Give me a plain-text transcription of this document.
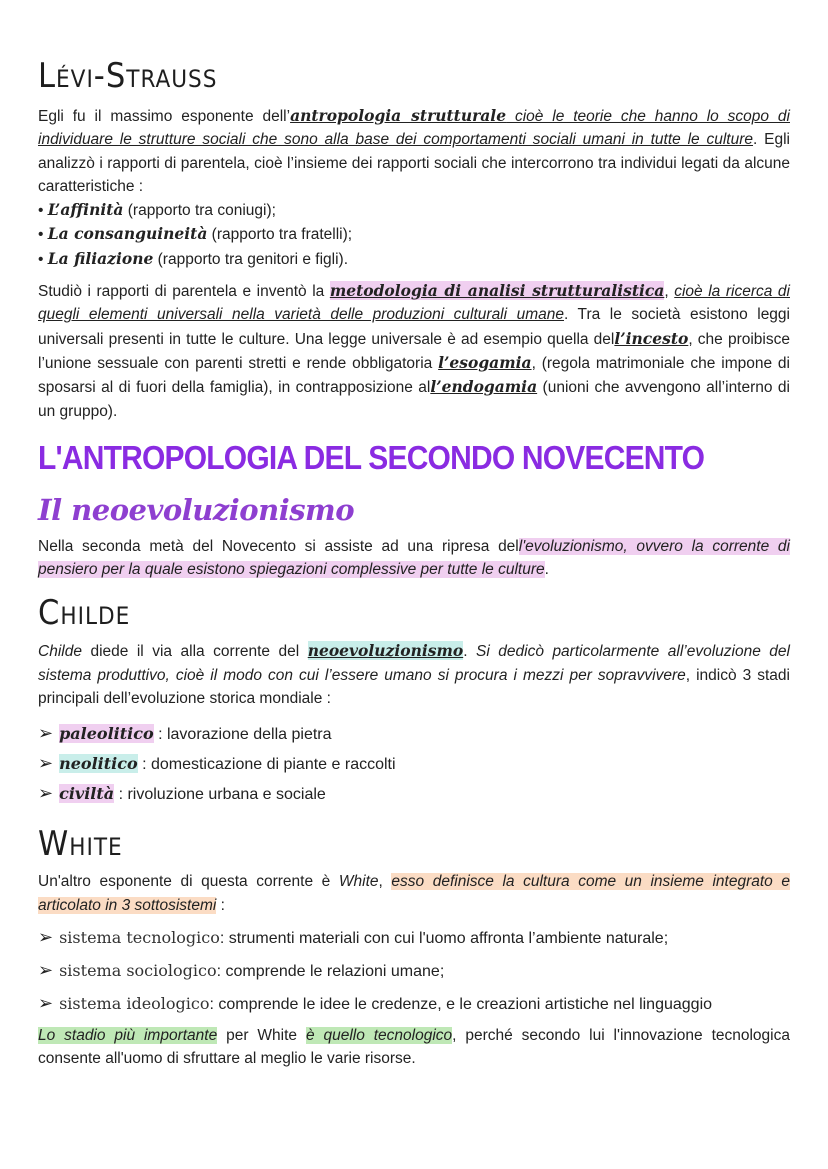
Lévi-Strauss

Egli fu il massimo esponente dell’antropologia strutturale cioè le teorie che hanno lo scopo di individuare le strutture sociali che sono alla base dei comportamenti sociali umani in tutte le culture. Egli analizzò i rapporti di parentela, cioè l’insieme dei rapporti sociali che intercorrono tra individui legati da alcune caratteristiche :

• L’affinità (rapporto tra coniugi);
• La consanguineità (rapporto tra fratelli);
• La filiazione (rapporto tra genitori e figli).

Studiò i rapporti di parentela e inventò la metodologia di analisi strutturalistica, cioè la ricerca di quegli elementi universali nella varietà delle produzioni culturali umane. Tra le società esistono leggi universali presenti in tutte le culture. Una legge universale è ad esempio quella dell’incesto, che proibisce l’unione sessuale con parenti stretti e rende obbligatoria l’esogamia, (regola matrimoniale che impone di sposarsi al di fuori della famiglia), in contrapposizione all’endogamia (unioni che avvengono all’interno di un gruppo).

L'ANTROPOLOGIA DEL SECONDO NOVECENTO
Il neoevoluzionismo

Nella seconda metà del Novecento si assiste ad una ripresa dell'evoluzionismo, ovvero la corrente di pensiero per la quale esistono spiegazioni complessive per tutte le culture.

Childe

Childe diede il via alla corrente del neoevoluzionismo. Si dedicò particolarmente all’evoluzione del sistema produttivo, cioè il modo con cui l’essere umano si procura i mezzi per sopravvivere, indicò 3 stadi principali dell’evoluzione storica mondiale :

➢ paleolitico : lavorazione della pietra
➢ neolitico : domesticazione di piante e raccolti
➢ civiltà : rivoluzione urbana e sociale
White

Un'altro esponente di questa corrente è White, esso definisce la cultura come un insieme integrato e articolato in 3 sottosistemi :

➢ sistema tecnologico: strumenti materiali con cui l'uomo affronta l’ambiente naturale;
➢ sistema sociologico: comprende le relazioni umane;
➢ sistema ideologico: comprende le idee le credenze, e le creazioni artistiche nel linguaggio

Lo stadio più importante per White è quello tecnologico, perché secondo lui l'innovazione tecnologica consente all'uomo di sfruttare al meglio le varie risorse.
